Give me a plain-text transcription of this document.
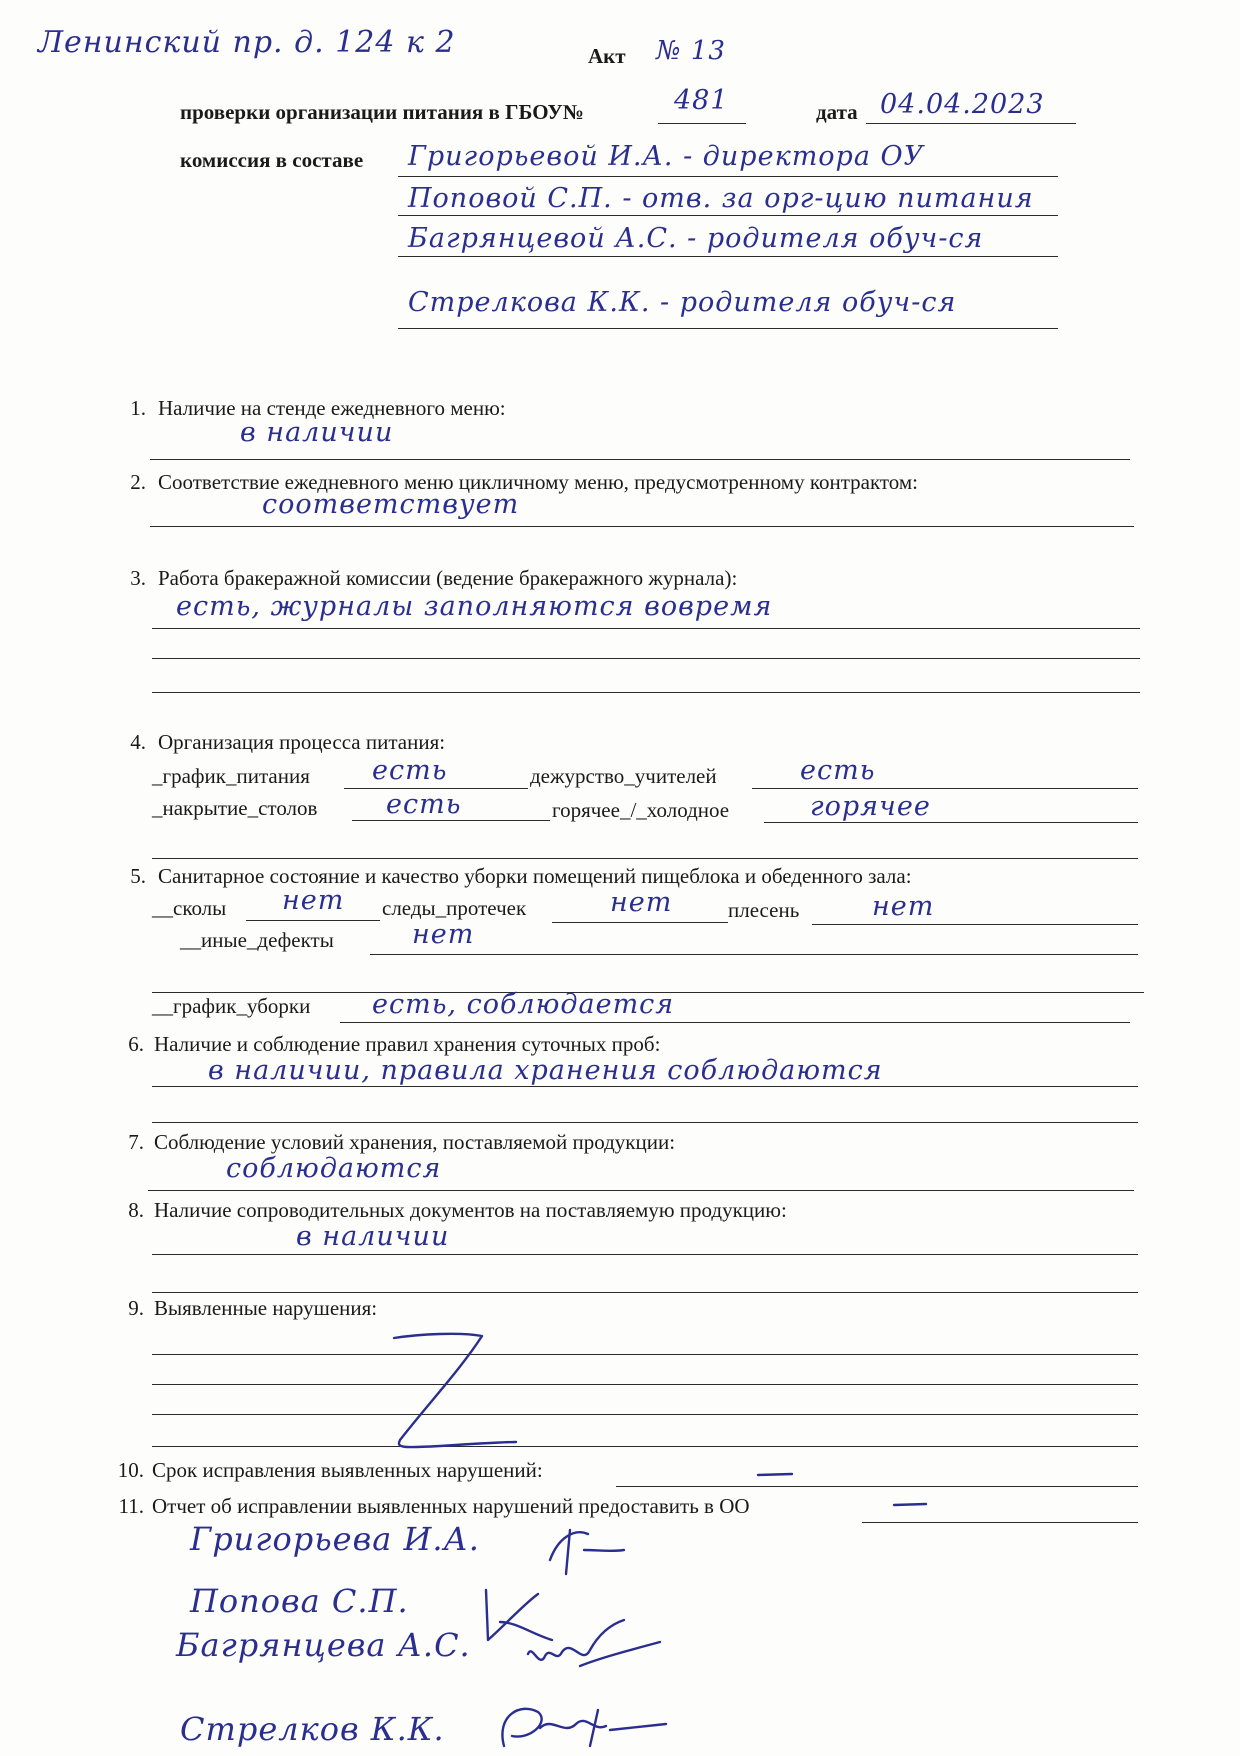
Ленинский пр. д. 124 к 2	Акт № 13
проверки организации питания в ГБОУ№	481	дата 04.04.2023
комиссия в составе Григорьевой И.А. - директора ОУ
Поповой С.П. - отв. за орг-цию питания
Багрянцевой А.С. - родителя обуч-ся
Стрелкова К.К. - родителя обуч-ся
1. Наличие на стенде ежедневного меню:
в наличии
2. Соответствие ежедневного меню цикличному меню, предусмотренному контрактом:
соответствует
3. Работа бракеражной комиссии (ведение бракеражного журнала):
есть, журналы заполняются вовремя
4. Организация процесса питания:
_график_питания есть	дежурство_учителей	есть
_накрытие_столов	есть	горячее_/_холодное	горячее
5. Санитарное состояние и качество уборки помещений пищеблока и обеденного зала:
__сколы нет следы_протечек	нет	плесень	нет
__иные_дефекты	нет
__график_уборки есть, соблюдается
6. Наличие и соблюдение правил хранения суточных проб:
в наличии, правила хранения соблюдаются
7. Соблюдение условий хранения, поставляемой продукции:
соблюдаются
8. Наличие сопроводительных документов на поставляемую продукцию:
в наличии
9. Выявленные нарушения:
10. Срок исправления выявленных нарушений:
11. Отчет об исправлении выявленных нарушений предоставить в ОО
Григорьева И.А.
Попова С.П.
Багрянцева А.С.
Стрелков К.К.
